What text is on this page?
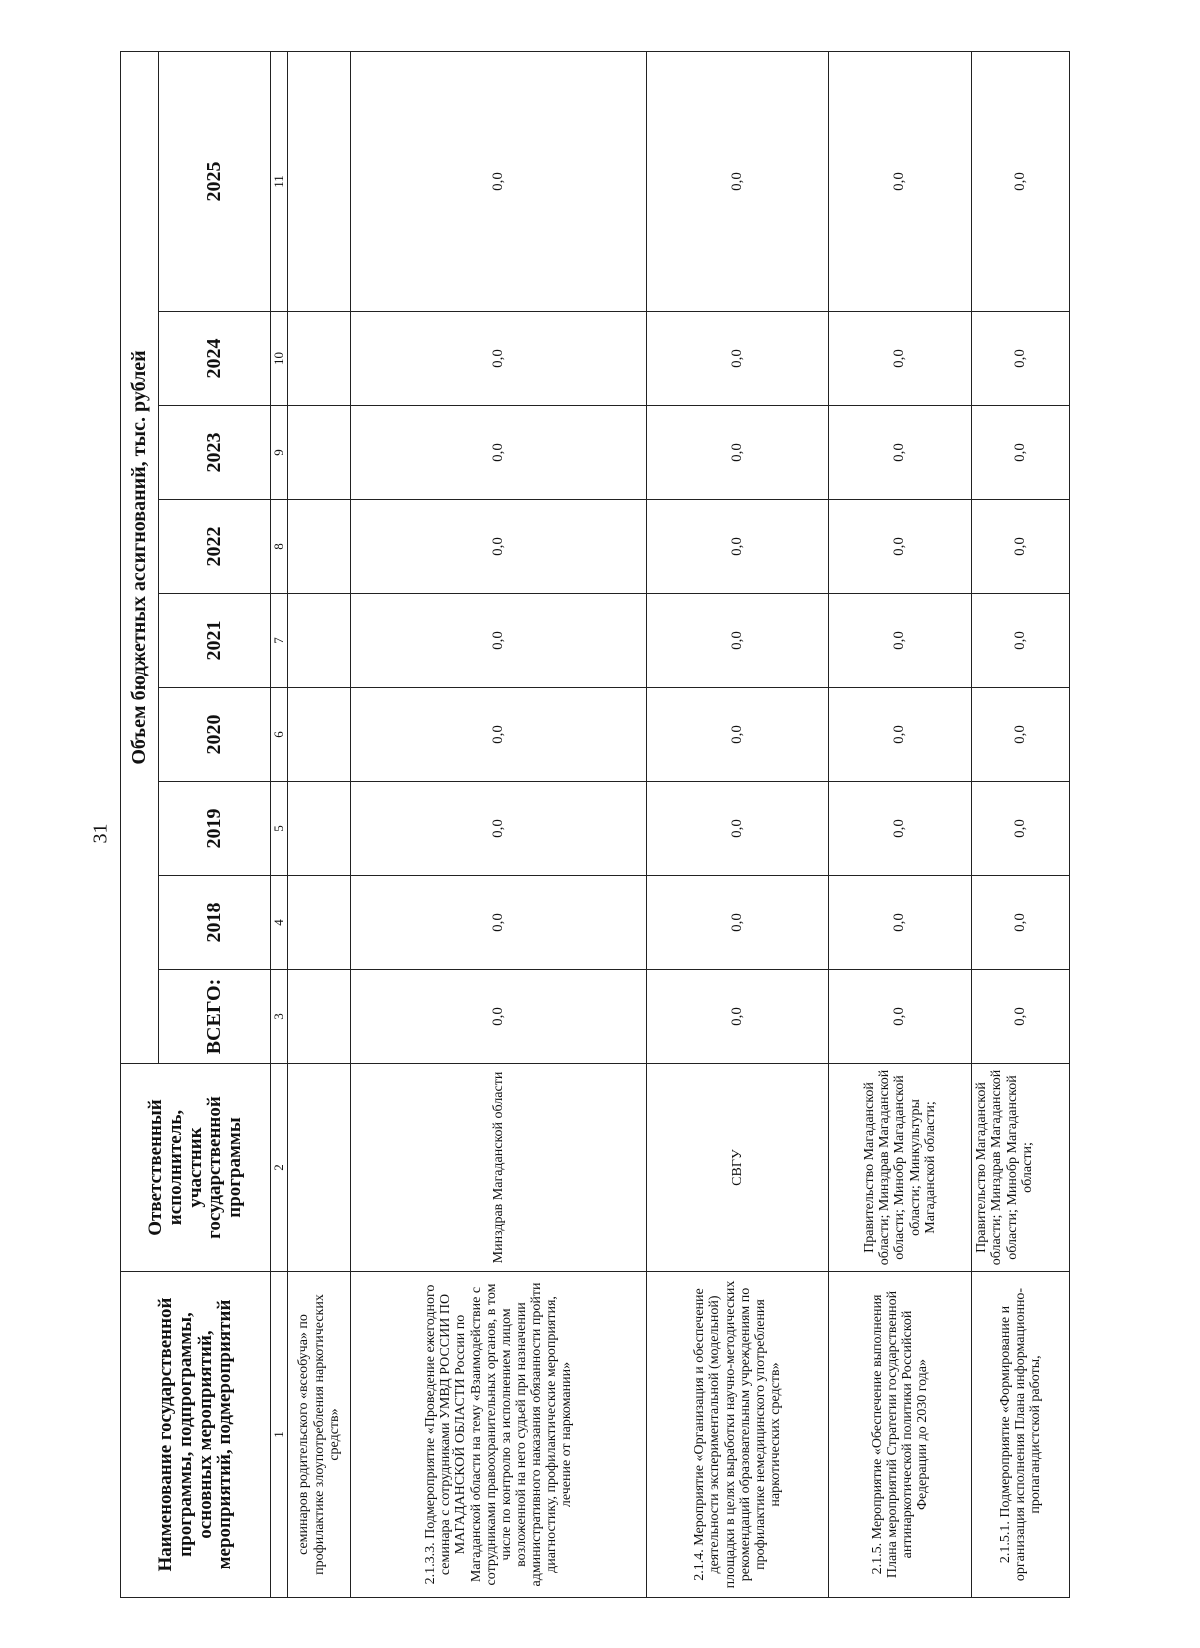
31
Наименование государственной программы, подпрограммы, основных мероприятий, мероприятий, подмероприятий	Ответственный исполнитель, участник государственной программы	Объем бюджетных ассигнований, тыс. рублей								
		ВСЕГО:	2018	2019	2020	2021	2022	2023	2024	2025
1	2	3	4	5	6	7	8	9	10	11
семинаров родительского «всеобуча» по профилактике злоупотребления наркотических средств»										
2.1.3.3. Подмероприятие «Проведение ежегодного семинара с сотрудниками УМВД РОССИИ ПО МАГАДАНСКОЙ ОБЛАСТИ России по Магаданской области на тему «Взаимодействие с сотрудниками правоохранительных органов, в том числе по контролю за исполнением лицом возложенной на него судьей при назначении административного наказания обязанности пройти диагностику, профилактические мероприятия, лечение от наркомании»	Минздрав Магаданской области	0,0	0,0	0,0	0,0	0,0	0,0	0,0	0,0	0,0
2.1.4. Мероприятие «Организация и обеспечение деятельности экспериментальной (модельной) площадки в целях выработки научно-методических рекомендаций образовательным учреждениям по профилактике немедицинского употребления наркотических средств»	СВГУ	0,0	0,0	0,0	0,0	0,0	0,0	0,0	0,0	0,0
2.1.5. Мероприятие «Обеспечение выполнения Плана мероприятий Стратегии государственной антинаркотической политики Российской Федерации до 2030 года»	Правительство Магаданской области; Минздрав Магаданской области; Минобр Магаданской области; Минкультуры Магаданской области;	0,0	0,0	0,0	0,0	0,0	0,0	0,0	0,0	0,0
2.1.5.1. Подмероприятие «Формирование и организация исполнения Плана информационно-пропагандистской работы,	Правительство Магаданской области; Минздрав Магаданской области; Минобр Магаданской области;	0,0	0,0	0,0	0,0	0,0	0,0	0,0	0,0	0,0
